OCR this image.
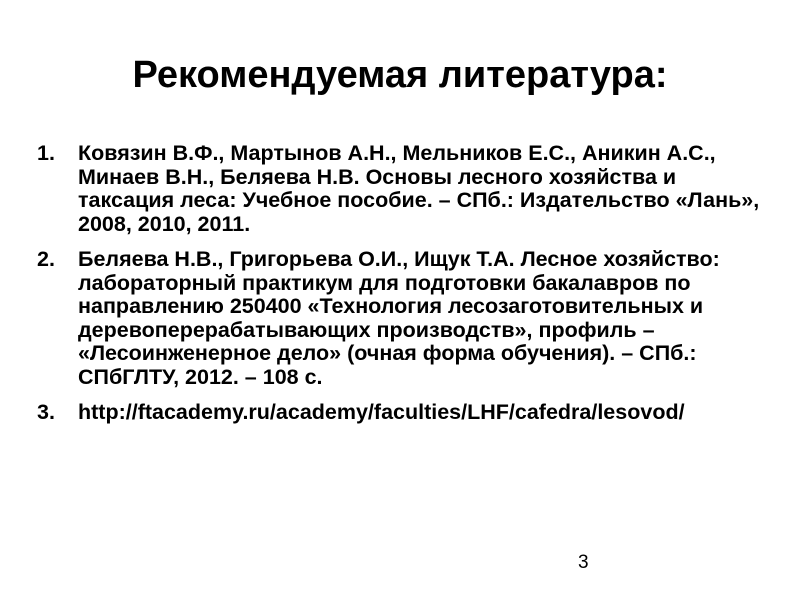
Рекомендуемая литература:
1.	Ковязин В.Ф., Мартынов А.Н., Мельников Е.С., Аникин А.С., Минаев В.Н., Беляева Н.В. Основы лесного хозяйства и таксация леса: Учебное пособие. – СПб.: Издательство «Лань», 2008, 2010, 2011.
2.	Беляева Н.В., Григорьева О.И., Ищук Т.А. Лесное хозяйство: лабораторный практикум для подготовки бакалавров по направлению 250400 «Технология лесозаготовительных и деревоперерабатывающих производств», профиль – «Лесоинженерное дело» (очная форма обучения). – СПб.: СПбГЛТУ, 2012. – 108 с.
3.	http://ftacademy.ru/academy/faculties/LHF/cafedra/lesovod/
3
